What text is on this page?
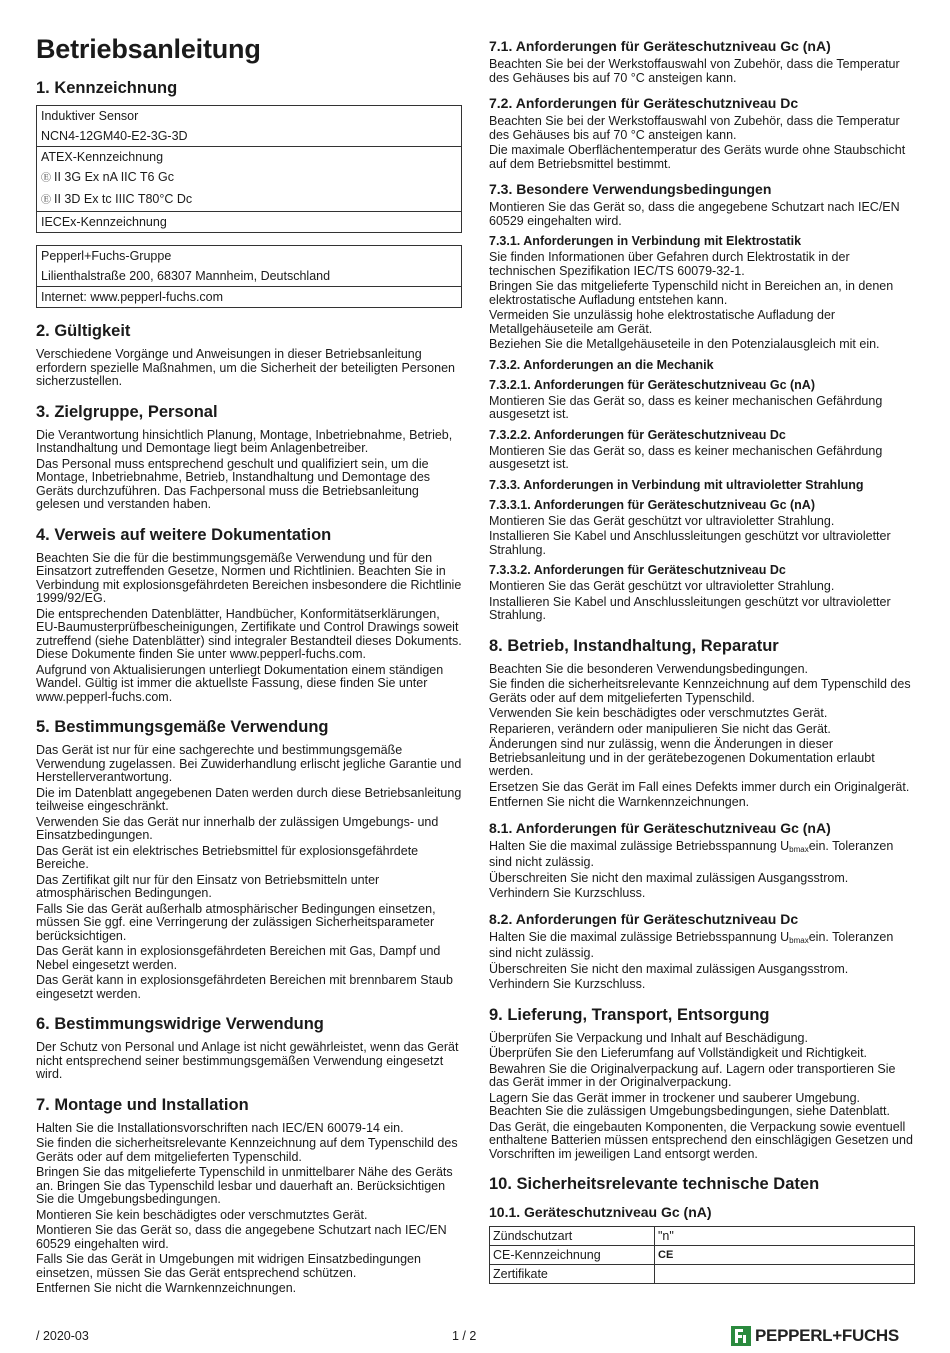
Betriebsanleitung
1. Kennzeichnung
Induktiver Sensor
NCN4-12GM40-E2-3G-3D
ATEX-Kennzeichnung
Ⓔ II 3G Ex nA IIC T6 Gc
Ⓔ II 3D Ex tc IIIC T80°C Dc
IECEx-Kennzeichnung
Pepperl+Fuchs-Gruppe
Lilienthalstraße 200, 68307 Mannheim, Deutschland
Internet: www.pepperl-fuchs.com
2. Gültigkeit

Verschiedene Vorgänge und Anweisungen in dieser Betriebsanleitung erfordern spezielle Maßnahmen, um die Sicherheit der beteiligten Personen sicherzustellen.

3. Zielgruppe, Personal

Die Verantwortung hinsichtlich Planung, Montage, Inbetriebnahme, Betrieb, Instandhaltung und Demontage liegt beim Anlagenbetreiber.

Das Personal muss entsprechend geschult und qualifiziert sein, um die Montage, Inbetriebnahme, Betrieb, Instandhaltung und Demontage des Geräts durchzuführen. Das Fachpersonal muss die Betriebsanleitung gelesen und verstanden haben.

4. Verweis auf weitere Dokumentation

Beachten Sie die für die bestimmungsgemäße Verwendung und für den Einsatzort zutreffenden Gesetze, Normen und Richtlinien. Beachten Sie in Verbindung mit explosionsgefährdeten Bereichen insbesondere die Richtlinie 1999/92/EG.

Die entsprechenden Datenblätter, Handbücher, Konformitätserklärungen, EU-Baumusterprüfbescheinigungen, Zertifikate und Control Drawings soweit zutreffend (siehe Datenblätter) sind integraler Bestandteil dieses Dokuments. Diese Dokumente finden Sie unter www.pepperl-fuchs.com.

Aufgrund von Aktualisierungen unterliegt Dokumentation einem ständigen Wandel. Gültig ist immer die aktuellste Fassung, diese finden Sie unter www.pepperl-fuchs.com.

5. Bestimmungsgemäße Verwendung

Das Gerät ist nur für eine sachgerechte und bestimmungsgemäße Verwendung zugelassen. Bei Zuwiderhandlung erlischt jegliche Garantie und Herstellerverantwortung.

Die im Datenblatt angegebenen Daten werden durch diese Betriebsanleitung teilweise eingeschränkt.

Verwenden Sie das Gerät nur innerhalb der zulässigen Umgebungs- und Einsatzbedingungen.

Das Gerät ist ein elektrisches Betriebsmittel für explosionsgefährdete Bereiche.

Das Zertifikat gilt nur für den Einsatz von Betriebsmitteln unter atmosphärischen Bedingungen.

Falls Sie das Gerät außerhalb atmosphärischer Bedingungen einsetzen, müssen Sie ggf. eine Verringerung der zulässigen Sicherheitsparameter berücksichtigen.

Das Gerät kann in explosionsgefährdeten Bereichen mit Gas, Dampf und Nebel eingesetzt werden.

Das Gerät kann in explosionsgefährdeten Bereichen mit brennbarem Staub eingesetzt werden.

6. Bestimmungswidrige Verwendung

Der Schutz von Personal und Anlage ist nicht gewährleistet, wenn das Gerät nicht entsprechend seiner bestimmungsgemäßen Verwendung eingesetzt wird.

7. Montage und Installation

Halten Sie die Installationsvorschriften nach IEC/EN 60079-14 ein.

Sie finden die sicherheitsrelevante Kennzeichnung auf dem Typenschild des Geräts oder auf dem mitgelieferten Typenschild.

Bringen Sie das mitgelieferte Typenschild in unmittelbarer Nähe des Geräts an. Bringen Sie das Typenschild lesbar und dauerhaft an. Berücksichtigen Sie die Umgebungsbedingungen.

Montieren Sie kein beschädigtes oder verschmutztes Gerät.

Montieren Sie das Gerät so, dass die angegebene Schutzart nach IEC/EN 60529 eingehalten wird.

Falls Sie das Gerät in Umgebungen mit widrigen Einsatzbedingungen einsetzen, müssen Sie das Gerät entsprechend schützen.

Entfernen Sie nicht die Warnkennzeichnungen.

7.1. Anforderungen für Geräteschutzniveau Gc (nA)

Beachten Sie bei der Werkstoffauswahl von Zubehör, dass die Temperatur des Gehäuses bis auf 70 °C ansteigen kann.

7.2. Anforderungen für Geräteschutzniveau Dc

Beachten Sie bei der Werkstoffauswahl von Zubehör, dass die Temperatur des Gehäuses bis auf 70 °C ansteigen kann.

Die maximale Oberflächentemperatur des Geräts wurde ohne Staubschicht auf dem Betriebsmittel bestimmt.

7.3. Besondere Verwendungsbedingungen

Montieren Sie das Gerät so, dass die angegebene Schutzart nach IEC/EN 60529 eingehalten wird.

7.3.1. Anforderungen in Verbindung mit Elektrostatik

Sie finden Informationen über Gefahren durch Elektrostatik in der technischen Spezifikation IEC/TS 60079-32-1.

Bringen Sie das mitgelieferte Typenschild nicht in Bereichen an, in denen elektrostatische Aufladung entstehen kann.

Vermeiden Sie unzulässig hohe elektrostatische Aufladung der Metallgehäuseteile am Gerät.

Beziehen Sie die Metallgehäuseteile in den Potenzialausgleich mit ein.

7.3.2. Anforderungen an die Mechanik
7.3.2.1. Anforderungen für Geräteschutzniveau Gc (nA)

Montieren Sie das Gerät so, dass es keiner mechanischen Gefährdung ausgesetzt ist.

7.3.2.2. Anforderungen für Geräteschutzniveau Dc

Montieren Sie das Gerät so, dass es keiner mechanischen Gefährdung ausgesetzt ist.

7.3.3. Anforderungen in Verbindung mit ultravioletter Strahlung
7.3.3.1. Anforderungen für Geräteschutzniveau Gc (nA)

Montieren Sie das Gerät geschützt vor ultravioletter Strahlung.

Installieren Sie Kabel und Anschlussleitungen geschützt vor ultravioletter Strahlung.

7.3.3.2. Anforderungen für Geräteschutzniveau Dc

Montieren Sie das Gerät geschützt vor ultravioletter Strahlung.

Installieren Sie Kabel und Anschlussleitungen geschützt vor ultravioletter Strahlung.

8. Betrieb, Instandhaltung, Reparatur

Beachten Sie die besonderen Verwendungsbedingungen.

Sie finden die sicherheitsrelevante Kennzeichnung auf dem Typenschild des Geräts oder auf dem mitgelieferten Typenschild.

Verwenden Sie kein beschädigtes oder verschmutztes Gerät.

Reparieren, verändern oder manipulieren Sie nicht das Gerät.

Änderungen sind nur zulässig, wenn die Änderungen in dieser Betriebsanleitung und in der gerätebezogenen Dokumentation erlaubt werden.

Ersetzen Sie das Gerät im Fall eines Defekts immer durch ein Originalgerät.

Entfernen Sie nicht die Warnkennzeichnungen.

8.1. Anforderungen für Geräteschutzniveau Gc (nA)

Halten Sie die maximal zulässige Betriebsspannung $U_{bmax}ein$. Toleranzen sind nicht zulässig.

Überschreiten Sie nicht den maximal zulässigen Ausgangsstrom.

Verhindern Sie Kurzschluss.

8.2. Anforderungen für Geräteschutzniveau Dc

Halten Sie die maximal zulässige Betriebsspannung $U_{bmax}ein$. Toleranzen sind nicht zulässig.

Überschreiten Sie nicht den maximal zulässigen Ausgangsstrom.

Verhindern Sie Kurzschluss.

9. Lieferung, Transport, Entsorgung

Überprüfen Sie Verpackung und Inhalt auf Beschädigung.

Überprüfen Sie den Lieferumfang auf Vollständigkeit und Richtigkeit.

Bewahren Sie die Originalverpackung auf. Lagern oder transportieren Sie das Gerät immer in der Originalverpackung.

Lagern Sie das Gerät immer in trockener und sauberer Umgebung. Beachten Sie die zulässigen Umgebungsbedingungen, siehe Datenblatt.

Das Gerät, die eingebauten Komponenten, die Verpackung sowie eventuell enthaltene Batterien müssen entsprechend den einschlägigen Gesetzen und Vorschriften im jeweiligen Land entsorgt werden.

10. Sicherheitsrelevante technische Daten
10.1. Geräteschutzniveau Gc (nA)
Zündschutzart	"n"
CE-Kennzeichnung	CE
Zertifikate	
/ 2020-03	1 / 2	PEPPERL+FUCHS
